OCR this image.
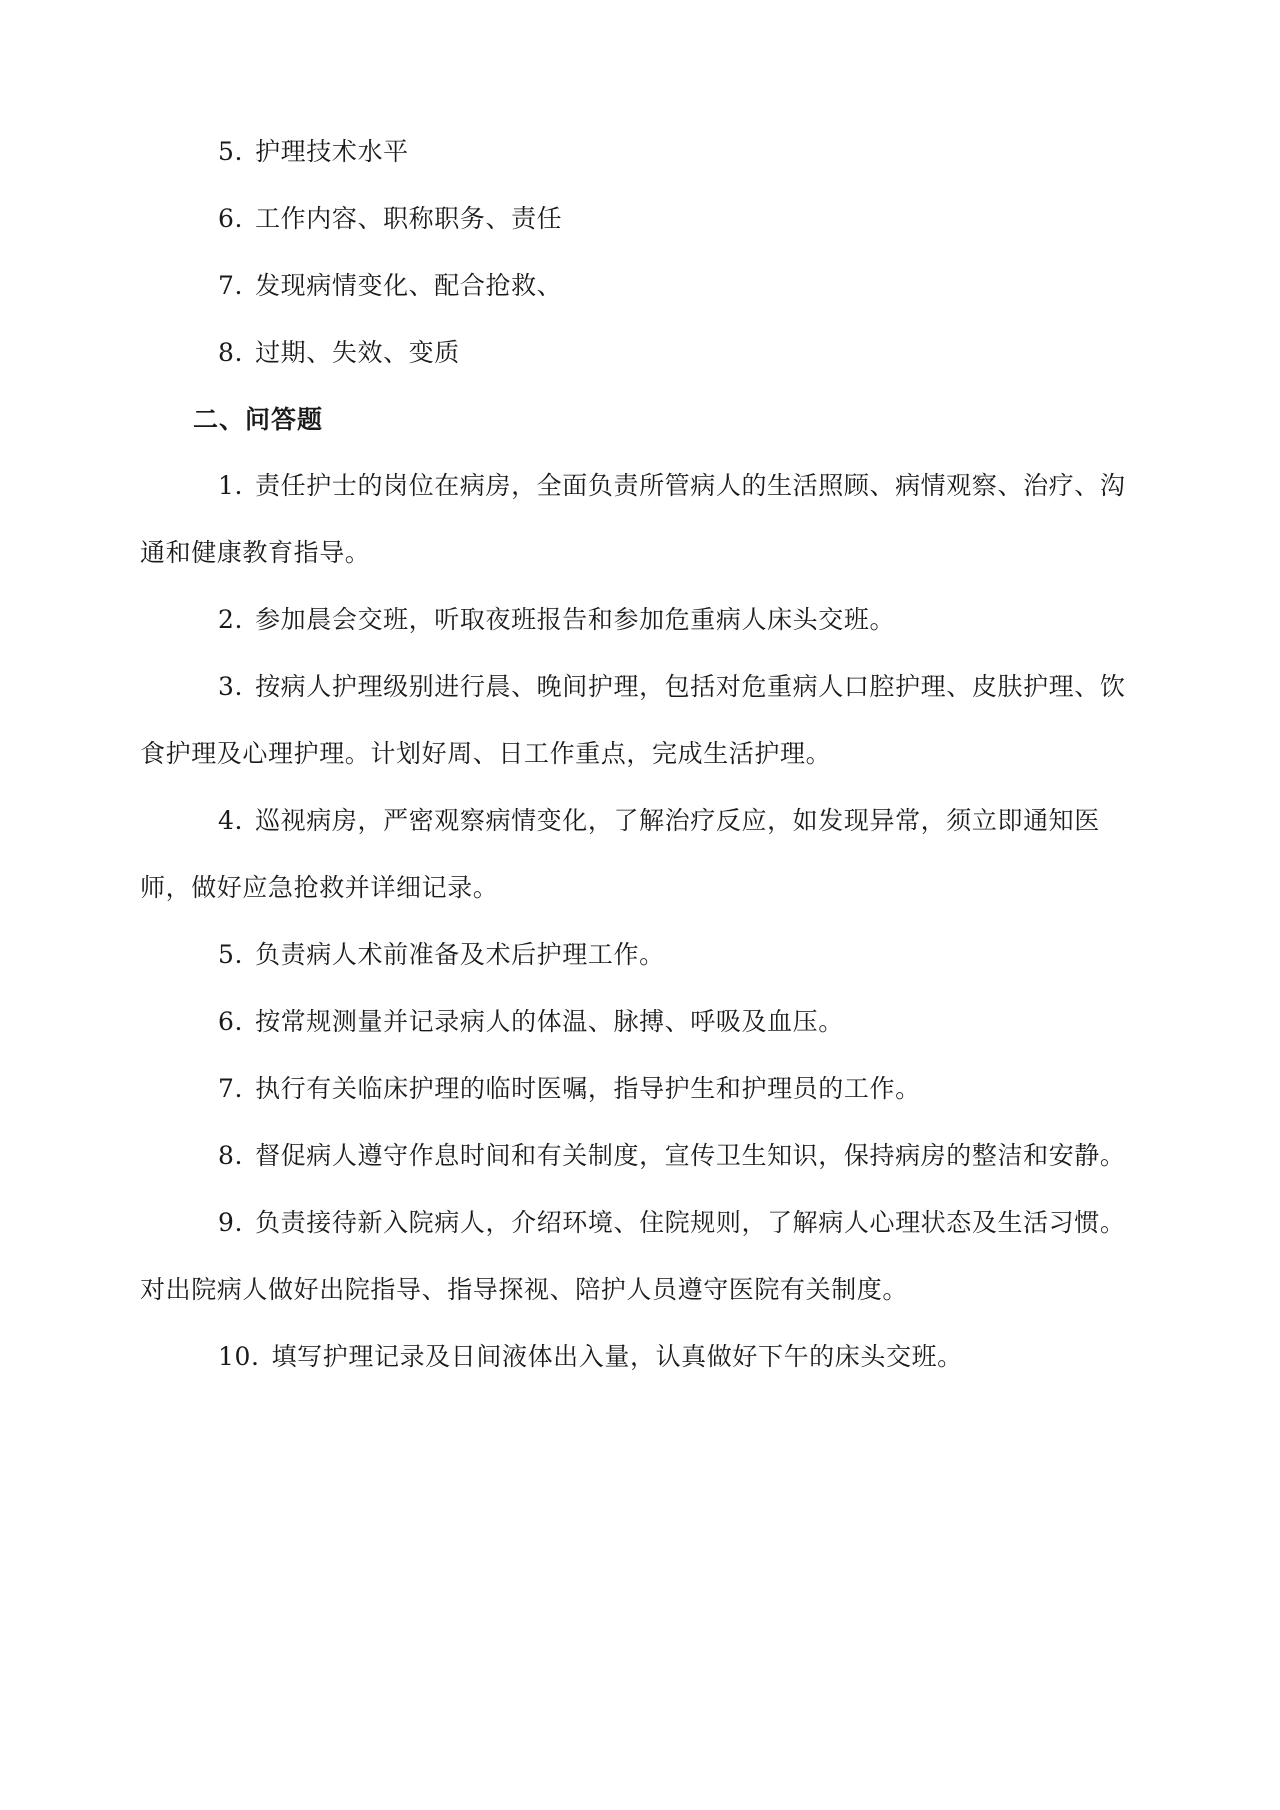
5. 护理技术水平
6. 工作内容、职称职务、责任
7. 发现病情变化、配合抢救、
8. 过期、失效、变质
二、问答题
1. 责任护士的岗位在病房，全面负责所管病人的生活照顾、病情观察、治疗、沟
通和健康教育指导。
2. 参加晨会交班，听取夜班报告和参加危重病人床头交班。
3. 按病人护理级别进行晨、晚间护理，包括对危重病人口腔护理、皮肤护理、饮
食护理及心理护理。计划好周、日工作重点，完成生活护理。
4. 巡视病房，严密观察病情变化，了解治疗反应，如发现异常，须立即通知医
师，做好应急抢救并详细记录。
5. 负责病人术前准备及术后护理工作。
6. 按常规测量并记录病人的体温、脉搏、呼吸及血压。
7. 执行有关临床护理的临时医嘱，指导护生和护理员的工作。
8. 督促病人遵守作息时间和有关制度，宣传卫生知识，保持病房的整洁和安静。
9. 负责接待新入院病人，介绍环境、住院规则，了解病人心理状态及生活习惯。
对出院病人做好出院指导、指导探视、陪护人员遵守医院有关制度。
10. 填写护理记录及日间液体出入量，认真做好下午的床头交班。
